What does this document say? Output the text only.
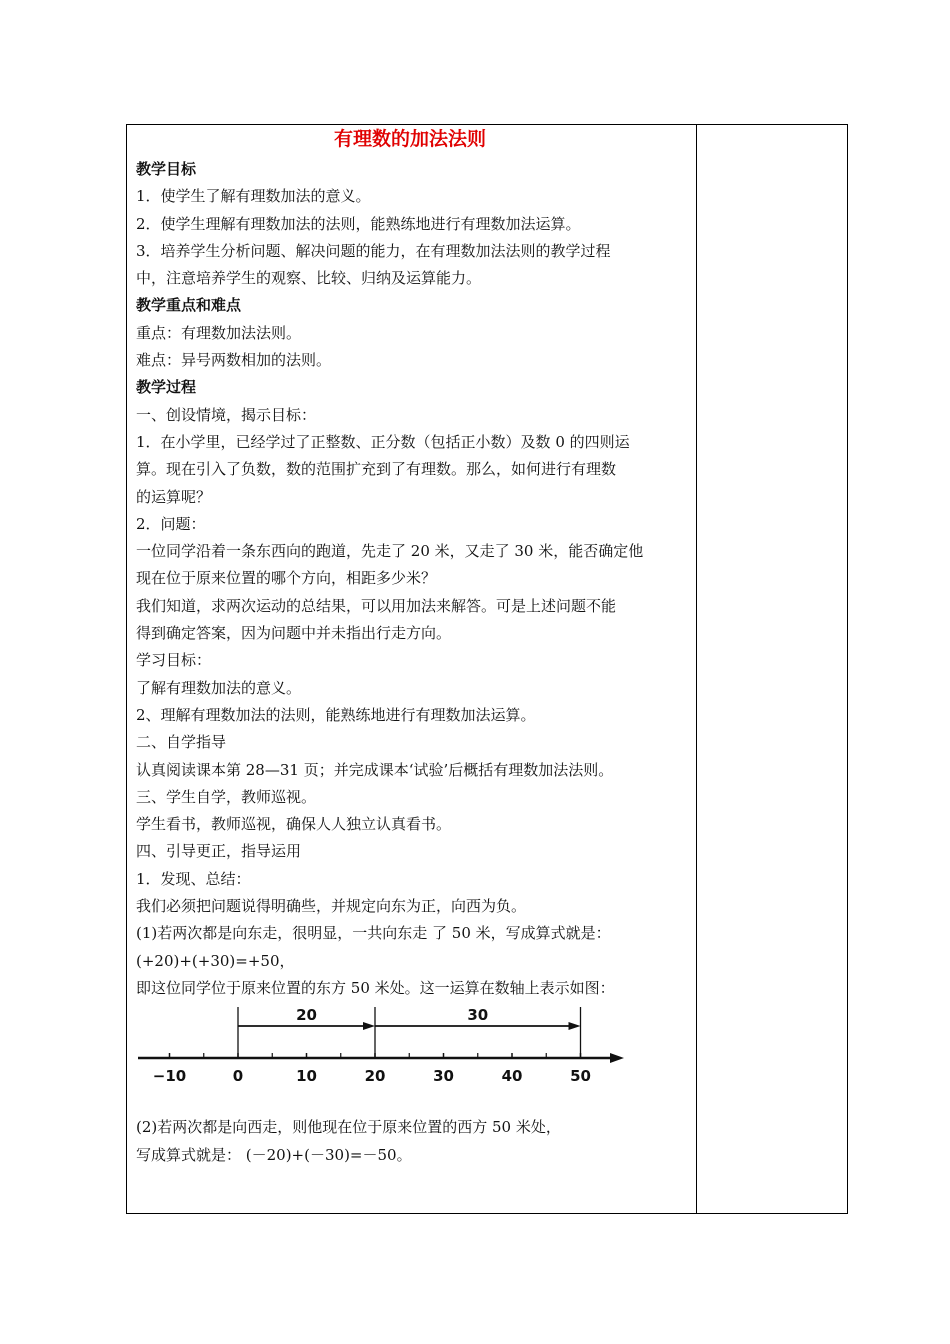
有理数的加法法则
教学目标
1．使学生了解有理数加法的意义。
2．使学生理解有理数加法的法则，能熟练地进行有理数加法运算。
3．培养学生分析问题、解决问题的能力，在有理数加法法则的教学过程
中，注意培养学生的观察、比较、归纳及运算能力。
教学重点和难点
重点：有理数加法法则。
难点：异号两数相加的法则。
教学过程
一、创设情境，揭示目标：
1．在小学里，已经学过了正整数、正分数（包括正小数）及数 0 的四则运
算。现在引入了负数，数的范围扩充到了有理数。那么，如何进行有理数
的运算呢？
2．问题：
一位同学沿着一条东西向的跑道，先走了 20 米，又走了 30 米，能否确定他
现在位于原来位置的哪个方向，相距多少米？
我们知道，求两次运动的总结果，可以用加法来解答。可是上述问题不能
得到确定答案，因为问题中并未指出行走方向。
学习目标：
了解有理数加法的意义。
2、理解有理数加法的法则，能熟练地进行有理数加法运算。
二、自学指导
认真阅读课本第 28—31 页；并完成课本‘试验’后概括有理数加法法则。
三、学生自学，教师巡视。
学生看书，教师巡视，确保人人独立认真看书。
四、引导更正，指导运用
1．发现、总结：
我们必须把问题说得明确些，并规定向东为正，向西为负。
(1)若两次都是向东走，很明显，一共向东走 了 50 米，写成算式就是：
(+20)+(+30)=+50，
即这位同学位于原来位置的东方 50 米处。这一运算在数轴上表示如图：
−10	0	10	20	30	40	50
20	30
(2)若两次都是向西走，则他现在位于原来位置的西方 50 米处，
写成算式就是： (－20)+(－30)=－50。
